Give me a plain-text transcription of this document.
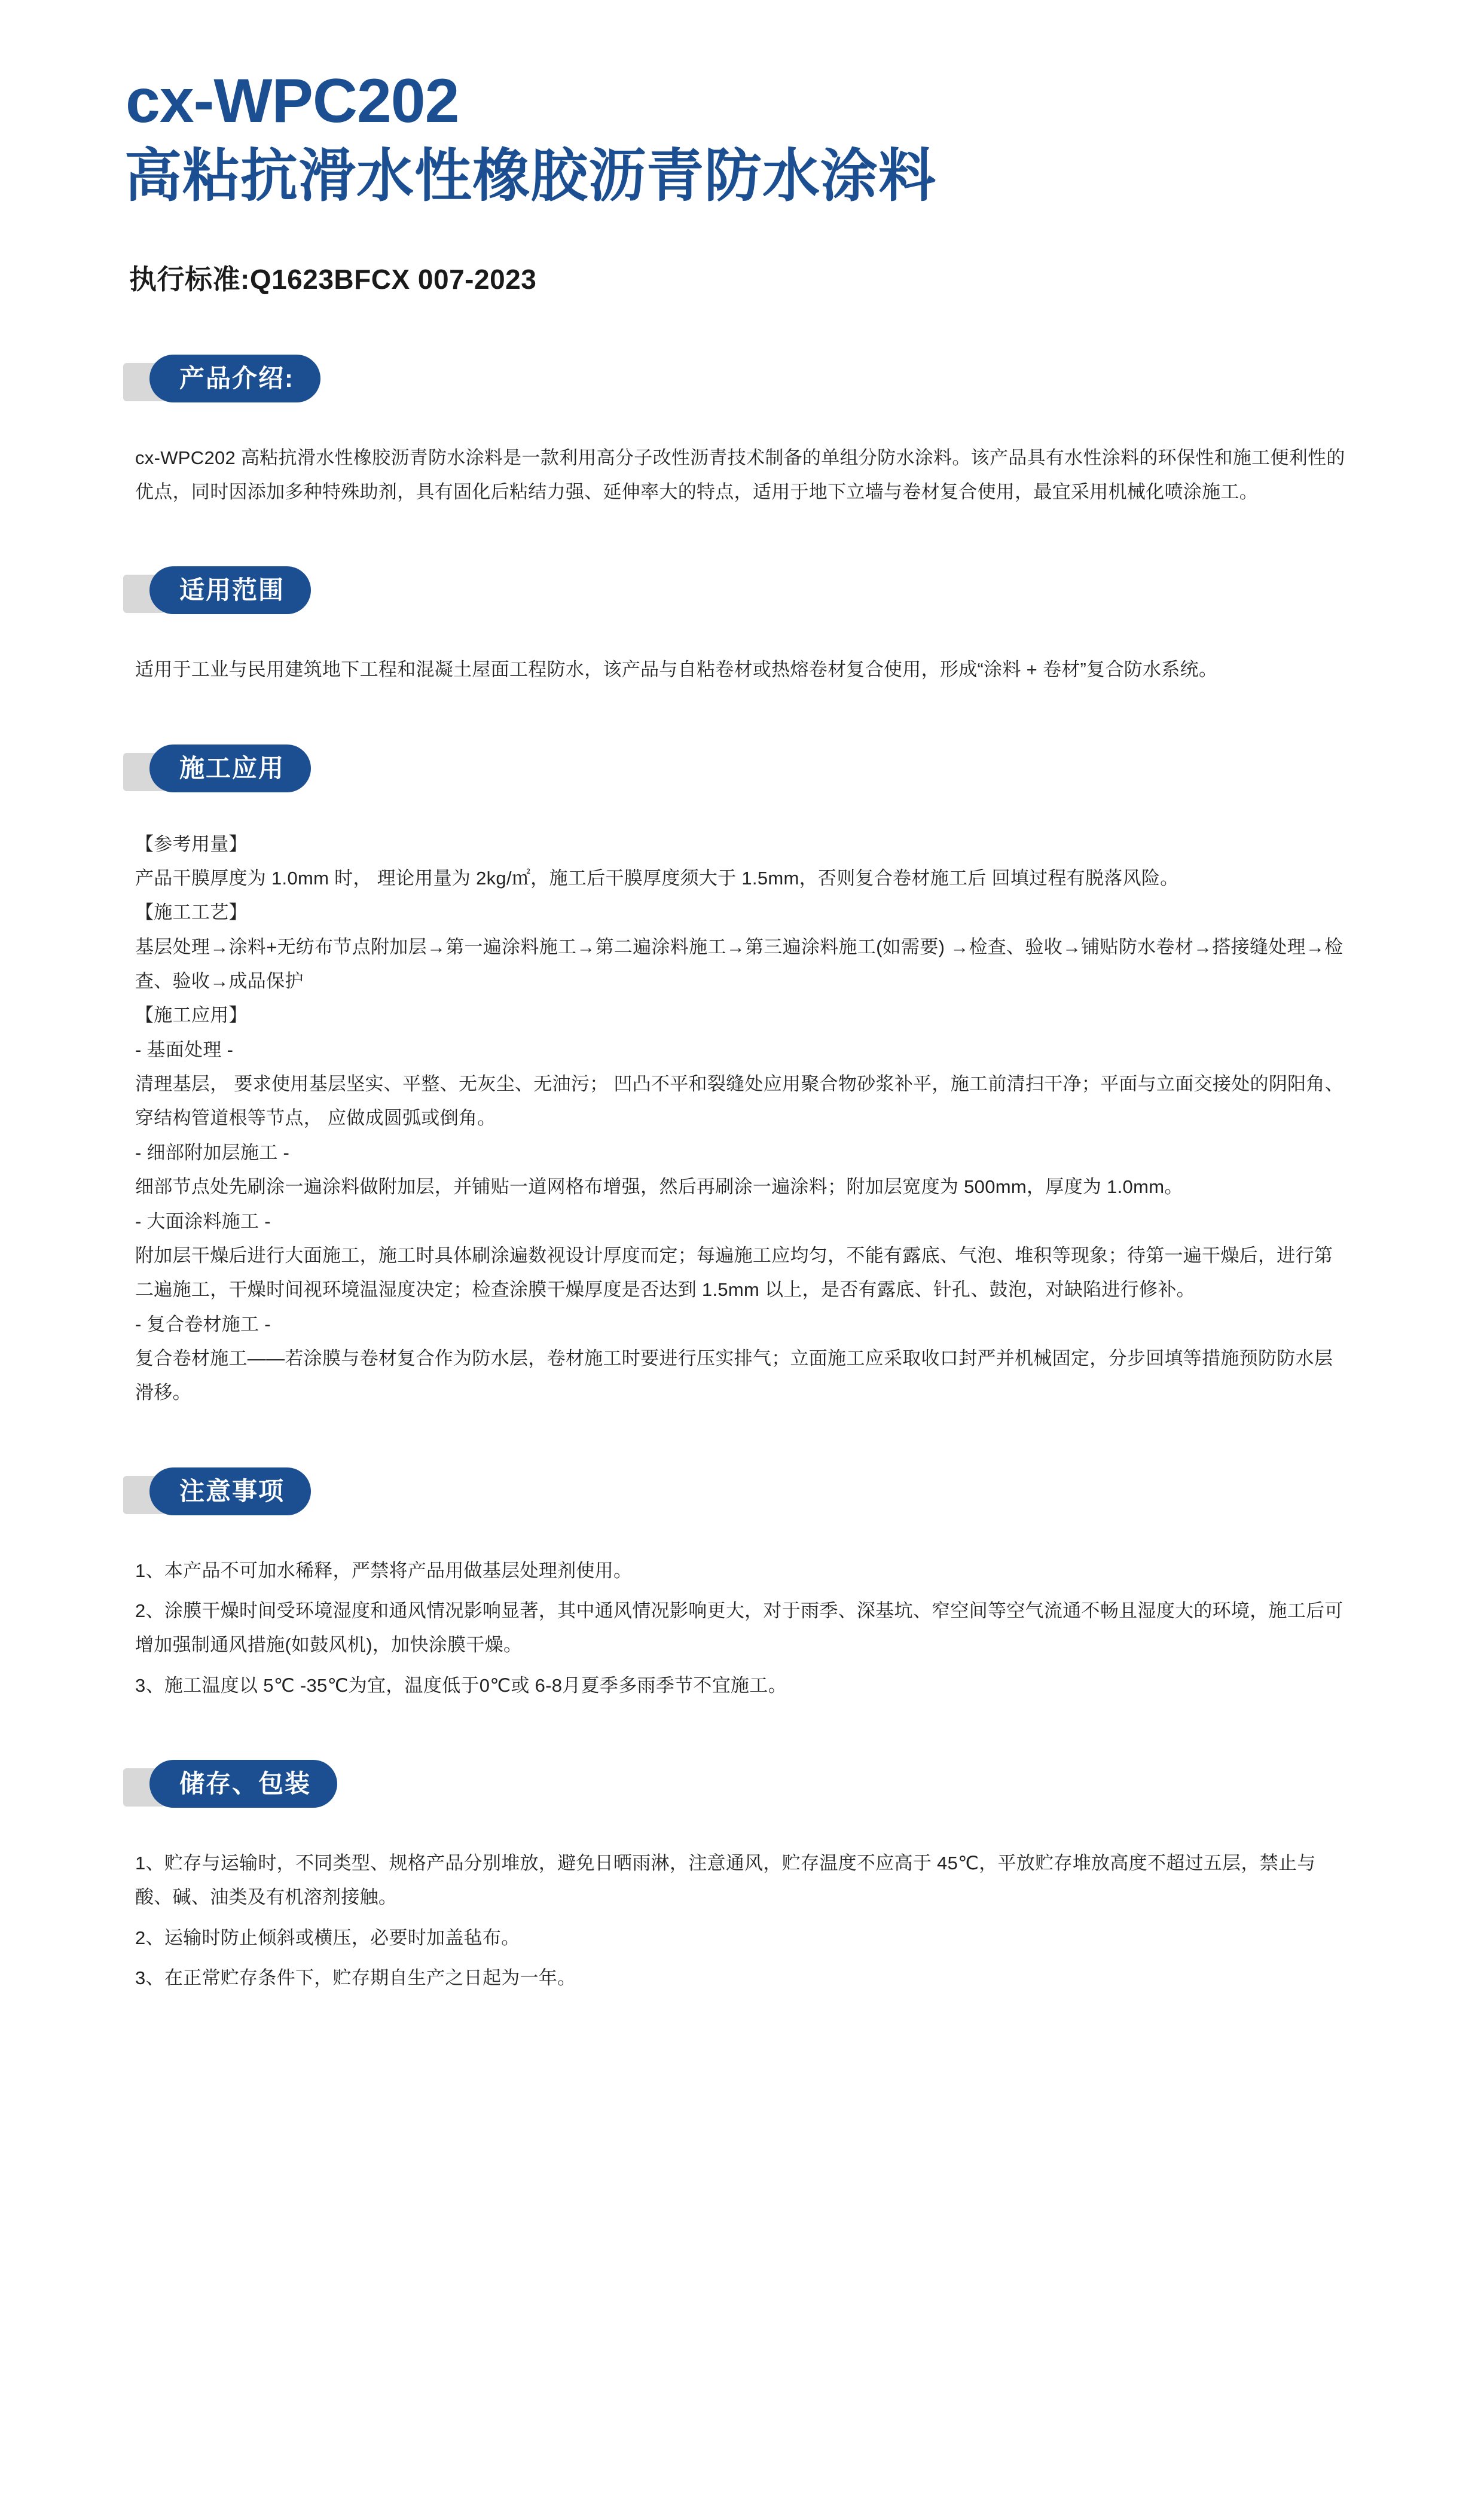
cx-WPC202
高粘抗滑水性橡胶沥青防水涂料
执行标准:Q1623BFCX 007-2023
产品介绍:

cx-WPC202 高粘抗滑水性橡胶沥青防水涂料是一款利用高分子改性沥青技术制备的单组分防水涂料。该产品具有水性涂料的环保性和施工便利性的优点，同时因添加多种特殊助剂，具有固化后粘结力强、延伸率大的特点，适用于地下立墙与卷材复合使用，最宜采用机械化喷涂施工。

适用范围

适用于工业与民用建筑地下工程和混凝土屋面工程防水，该产品与自粘卷材或热熔卷材复合使用，形成“涂料 + 卷材”复合防水系统。

施工应用

【参考用量】

产品干膜厚度为 1.0mm 时， 理论用量为 2kg/㎡，施工后干膜厚度须大于 1.5mm，否则复合卷材施工后 回填过程有脱落风险。

【施工工艺】

基层处理→涂料+无纺布节点附加层→第一遍涂料施工→第二遍涂料施工→第三遍涂料施工(如需要) →检查、验收→铺贴防水卷材→搭接缝处理→检查、验收→成品保护

【施工应用】

- 基面处理 -

清理基层， 要求使用基层坚实、平整、无灰尘、无油污； 凹凸不平和裂缝处应用聚合物砂浆补平，施工前清扫干净；平面与立面交接处的阴阳角、穿结构管道根等节点， 应做成圆弧或倒角。

- 细部附加层施工 -

细部节点处先刷涂一遍涂料做附加层，并铺贴一道网格布增强，然后再刷涂一遍涂料；附加层宽度为 500mm，厚度为 1.0mm。

- 大面涂料施工 -

附加层干燥后进行大面施工，施工时具体刷涂遍数视设计厚度而定；每遍施工应均匀，不能有露底、气泡、堆积等现象；待第一遍干燥后，进行第二遍施工，干燥时间视环境温湿度决定；检查涂膜干燥厚度是否达到 1.5mm 以上，是否有露底、针孔、鼓泡，对缺陷进行修补。

- 复合卷材施工 -

复合卷材施工——若涂膜与卷材复合作为防水层，卷材施工时要进行压实排气；立面施工应采取收口封严并机械固定，分步回填等措施预防防水层滑移。

注意事项

1、本产品不可加水稀释，严禁将产品用做基层处理剂使用。

2、涂膜干燥时间受环境湿度和通风情况影响显著，其中通风情况影响更大，对于雨季、深基坑、窄空间等空气流通不畅且湿度大的环境，施工后可增加强制通风措施(如鼓风机)，加快涂膜干燥。

3、施工温度以 5℃ -35℃为宜，温度低于0℃或 6-8月夏季多雨季节不宜施工。

储存、包装

1、贮存与运输时，不同类型、规格产品分别堆放，避免日晒雨淋，注意通风，贮存温度不应高于 45℃，平放贮存堆放高度不超过五层，禁止与酸、碱、油类及有机溶剂接触。

2、运输时防止倾斜或横压，必要时加盖毡布。

3、在正常贮存条件下，贮存期自生产之日起为一年。
